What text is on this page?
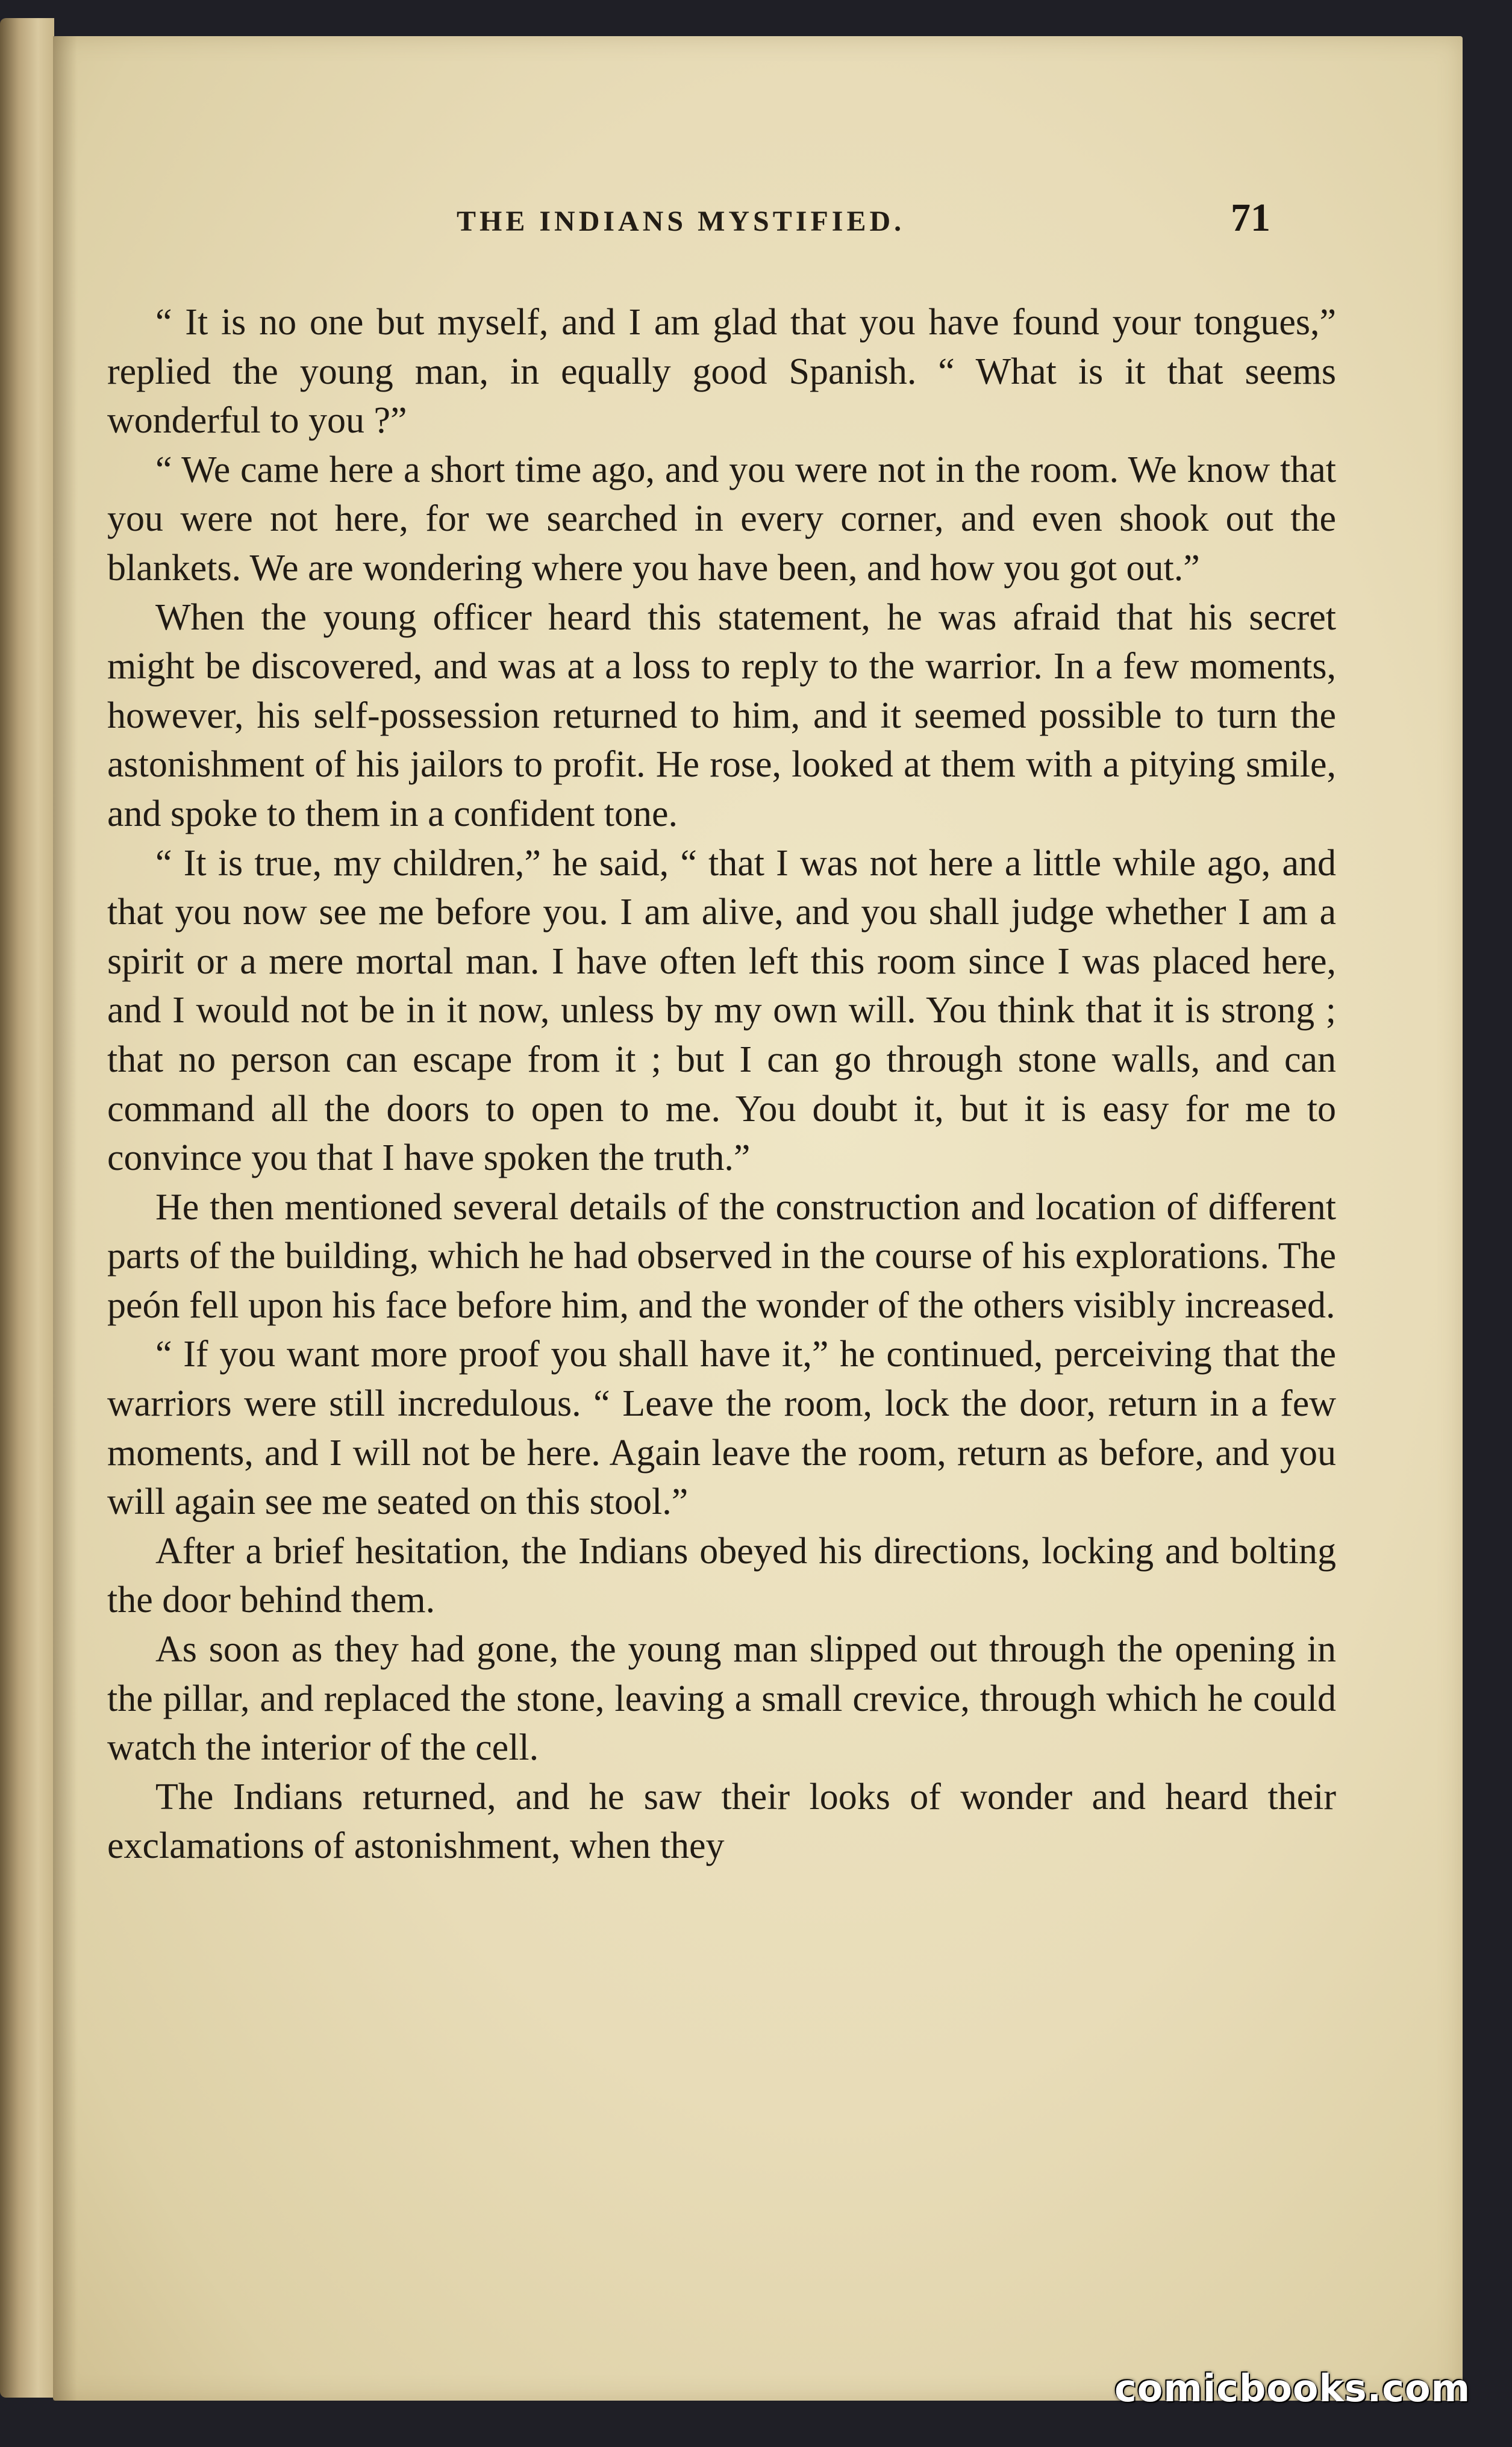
THE INDIANS MYSTIFIED.	71

“ It is no one but myself, and I am glad that you have found your tongues,” replied the young man, in equally good Spanish. “ What is it that seems wonderful to you ?”

“ We came here a short time ago, and you were not in the room. We know that you were not here, for we searched in every corner, and even shook out the blankets. We are wondering where you have been, and how you got out.”

When the young officer heard this statement, he was afraid that his secret might be discovered, and was at a loss to reply to the warrior. In a few moments, however, his self-possession returned to him, and it seemed possible to turn the astonishment of his jailors to profit. He rose, looked at them with a pitying smile, and spoke to them in a confident tone.

“ It is true, my children,” he said, “ that I was not here a little while ago, and that you now see me before you. I am alive, and you shall judge whether I am a spirit or a mere mortal man. I have often left this room since I was placed here, and I would not be in it now, unless by my own will. You think that it is strong ; that no person can escape from it ; but I can go through stone walls, and can command all the doors to open to me. You doubt it, but it is easy for me to convince you that I have spoken the truth.”

He then mentioned several details of the construction and location of different parts of the building, which he had observed in the course of his explorations. The peón fell upon his face before him, and the wonder of the others visibly increased.

“ If you want more proof you shall have it,” he continued, perceiving that the warriors were still incredulous. “ Leave the room, lock the door, return in a few moments, and I will not be here. Again leave the room, return as before, and you will again see me seated on this stool.”

After a brief hesitation, the Indians obeyed his directions, locking and bolting the door behind them.

As soon as they had gone, the young man slipped out through the opening in the pillar, and replaced the stone, leaving a small crevice, through which he could watch the interior of the cell.

The Indians returned, and he saw their looks of wonder and heard their exclamations of astonishment, when they

comicbooks.com
